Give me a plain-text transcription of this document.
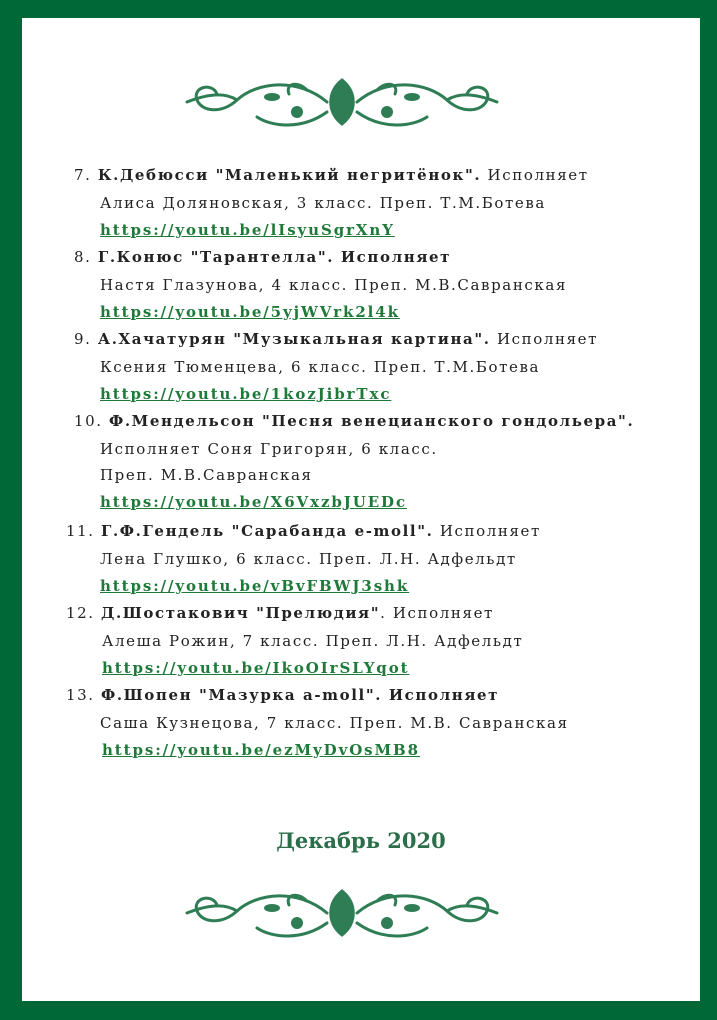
7. К.Дебюсси "Маленький негритёнок". Исполняет
Алиса Доляновская, 3 класс. Преп. Т.М.Ботева
https://youtu.be/lIsyuSgrXnY
8. Г.Конюс "Тарантелла". Исполняет
Настя Глазунова, 4 класс. Преп. М.В.Савранская
https://youtu.be/5yjWVrk2l4k
9. А.Хачатурян "Музыкальная картина". Исполняет
Ксения Тюменцева, 6 класс. Преп. Т.М.Ботева
https://youtu.be/1kozJibrTxc
10. Ф.Мендельсон "Песня венецианского гондольера".
Исполняет Соня Григорян, 6 класс.
Преп. М.В.Савранская
https://youtu.be/X6VxzbJUEDc
11. Г.Ф.Гендель "Сарабанда e-moll". Исполняет
Лена Глушко, 6 класс. Преп. Л.Н. Адфельдт
https://youtu.be/vBvFBWJ3shk
12. Д.Шостакович "Прелюдия". Исполняет
Алеша Рожин, 7 класс. Преп. Л.Н. Адфельдт
https://youtu.be/IkoOIrSLYqot
13. Ф.Шопен "Мазурка a-moll". Исполняет
Саша Кузнецова, 7 класс. Преп. М.В. Савранская
https://youtu.be/ezMyDvOsMB8
Декабрь 2020
